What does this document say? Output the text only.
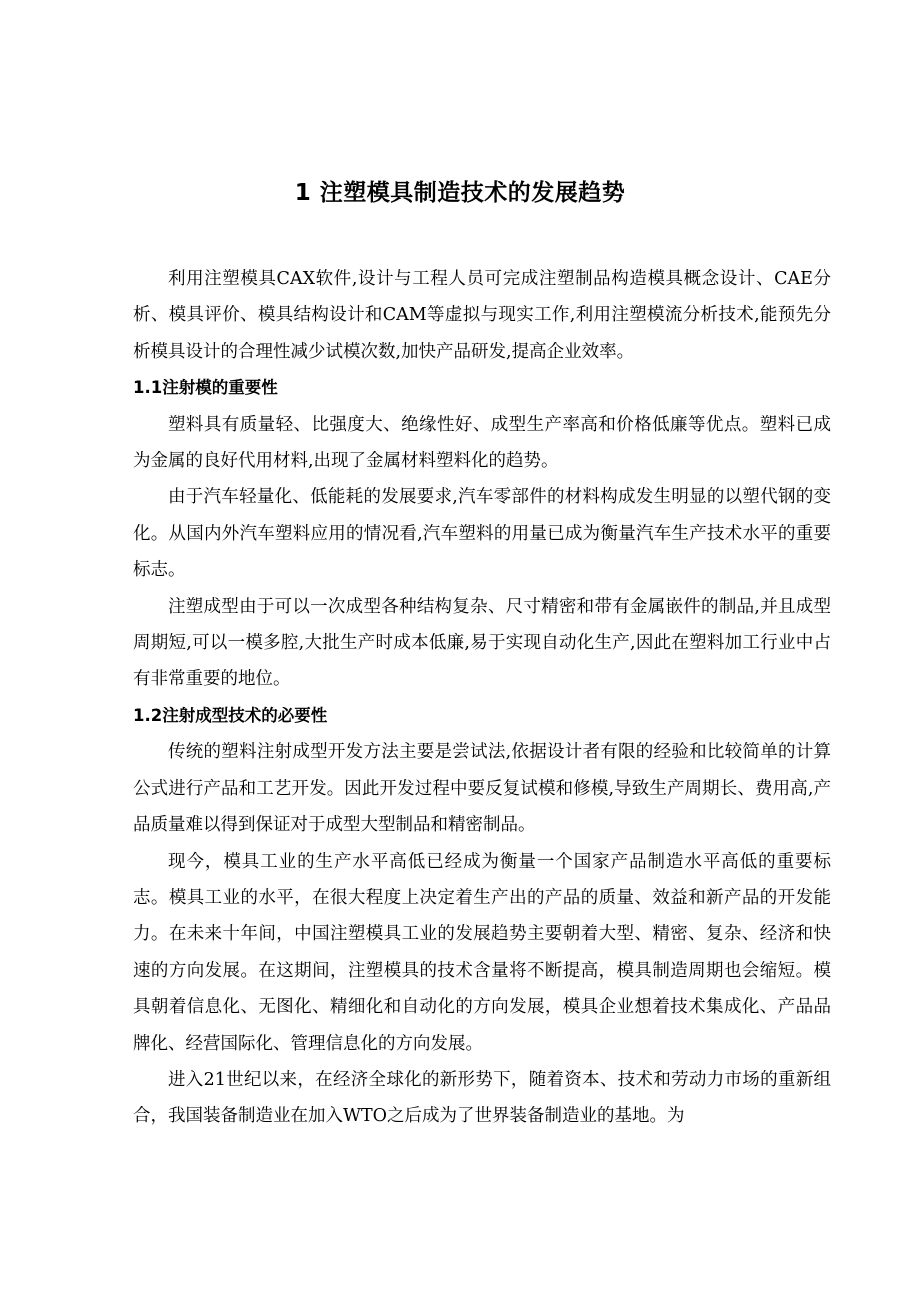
1 注塑模具制造技术的发展趋势

利用注塑模具CAX软件,设计与工程人员可完成注塑制品构造模具概念设计、CAE分析、模具评价、模具结构设计和CAM等虚拟与现实工作,利用注塑模流分析技术,能预先分析模具设计的合理性减少试模次数,加快产品研发,提高企业效率。

1.1注射模的重要性

塑料具有质量轻、比强度大、绝缘性好、成型生产率高和价格低廉等优点。塑料已成为金属的良好代用材料,出现了金属材料塑料化的趋势。

由于汽车轻量化、低能耗的发展要求,汽车零部件的材料构成发生明显的以塑代钢的变化。从国内外汽车塑料应用的情况看,汽车塑料的用量已成为衡量汽车生产技术水平的重要标志。

注塑成型由于可以一次成型各种结构复杂、尺寸精密和带有金属嵌件的制品,并且成型周期短,可以一模多腔,大批生产时成本低廉,易于实现自动化生产,因此在塑料加工行业中占有非常重要的地位。

1.2注射成型技术的必要性

传统的塑料注射成型开发方法主要是尝试法,依据设计者有限的经验和比较简单的计算公式进行产品和工艺开发。因此开发过程中要反复试模和修模,导致生产周期长、费用高,产品质量难以得到保证对于成型大型制品和精密制品。

现今，模具工业的生产水平高低已经成为衡量一个国家产品制造水平高低的重要标志。模具工业的水平，在很大程度上决定着生产出的产品的质量、效益和新产品的开发能力。在未来十年间，中国注塑模具工业的发展趋势主要朝着大型、精密、复杂、经济和快速的方向发展。在这期间，注塑模具的技术含量将不断提高，模具制造周期也会缩短。模具朝着信息化、无图化、精细化和自动化的方向发展，模具企业想着技术集成化、产品品牌化、经营国际化、管理信息化的方向发展。

进入21世纪以来，在经济全球化的新形势下，随着资本、技术和劳动力市场的重新组合，我国装备制造业在加入WTO之后成为了世界装备制造业的基地。为
